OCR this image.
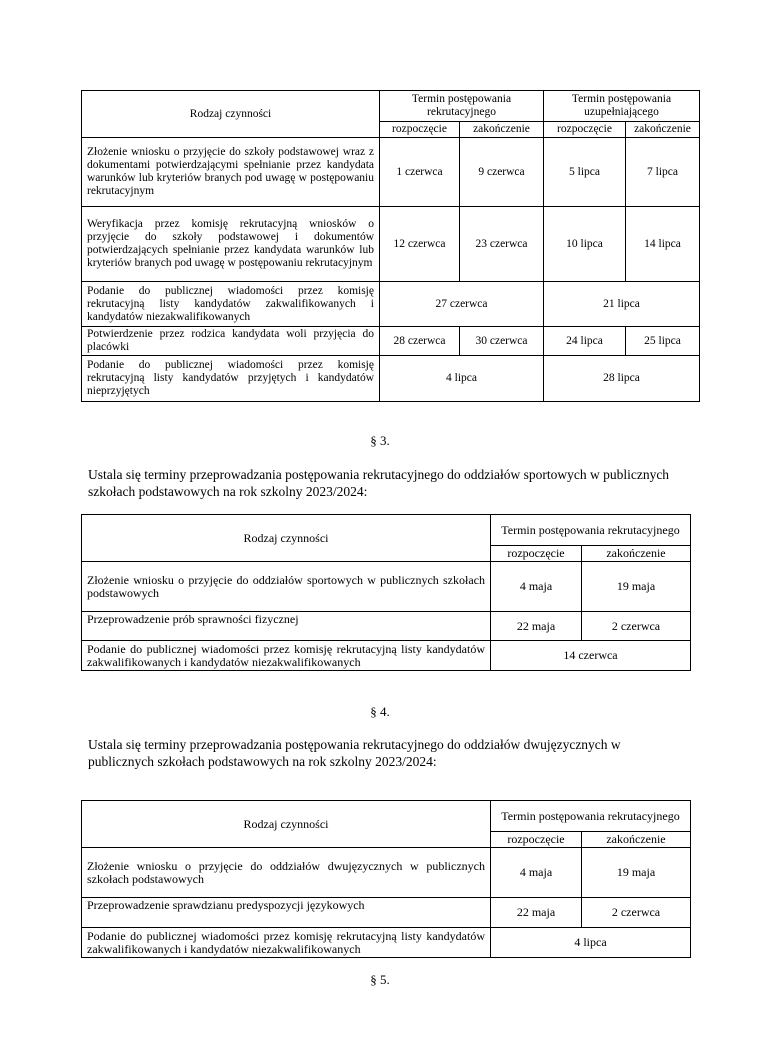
Rodzaj czynności	Termin postępowania rekrutacyjnego		Termin postępowania uzupełniającego	
	rozpoczęcie	zakończenie	rozpoczęcie	zakończenie
Złożenie wniosku o przyjęcie do szkoły podstawowej wraz z dokumentami potwierdzającymi spełnianie przez kandydata warunków lub kryteriów branych pod uwagę w postępowaniu rekrutacyjnym	1 czerwca	9 czerwca	5 lipca	7 lipca
Weryfikacja przez komisję rekrutacyjną wniosków o przyjęcie do szkoły podstawowej i dokumentów potwierdzających spełnianie przez kandydata warunków lub kryteriów branych pod uwagę w postępowaniu rekrutacyjnym	12 czerwca	23 czerwca	10 lipca	14 lipca
Podanie do publicznej wiadomości przez komisję rekrutacyjną listy kandydatów zakwalifikowanych i kandydatów niezakwalifikowanych	27 czerwca		21 lipca	
Potwierdzenie przez rodzica kandydata woli przyjęcia do placówki	28 czerwca	30 czerwca	24 lipca	25 lipca
Podanie do publicznej wiadomości przez komisję rekrutacyjną listy kandydatów przyjętych i kandydatów nieprzyjętych	4 lipca		28 lipca	
§ 3.
Ustala się terminy przeprowadzania postępowania rekrutacyjnego do oddziałów sportowych w publicznych szkołach podstawowych na rok szkolny 2023/2024:
Rodzaj czynności	Termin postępowania rekrutacyjnego	
	rozpoczęcie	zakończenie
Złożenie wniosku o przyjęcie do oddziałów sportowych w publicznych szkołach podstawowych	4 maja	19 maja
Przeprowadzenie prób sprawności fizycznej	22 maja	2 czerwca
Podanie do publicznej wiadomości przez komisję rekrutacyjną listy kandydatów zakwalifikowanych i kandydatów niezakwalifikowanych	14 czerwca	
§ 4.
Ustala się terminy przeprowadzania postępowania rekrutacyjnego do oddziałów dwujęzycznych w publicznych szkołach podstawowych na rok szkolny 2023/2024:
Rodzaj czynności	Termin postępowania rekrutacyjnego	
	rozpoczęcie	zakończenie
Złożenie wniosku o przyjęcie do oddziałów dwujęzycznych w publicznych szkołach podstawowych	4 maja	19 maja
Przeprowadzenie sprawdzianu predyspozycji językowych	22 maja	2 czerwca
Podanie do publicznej wiadomości przez komisję rekrutacyjną listy kandydatów zakwalifikowanych i kandydatów niezakwalifikowanych	4 lipca	
§ 5.
